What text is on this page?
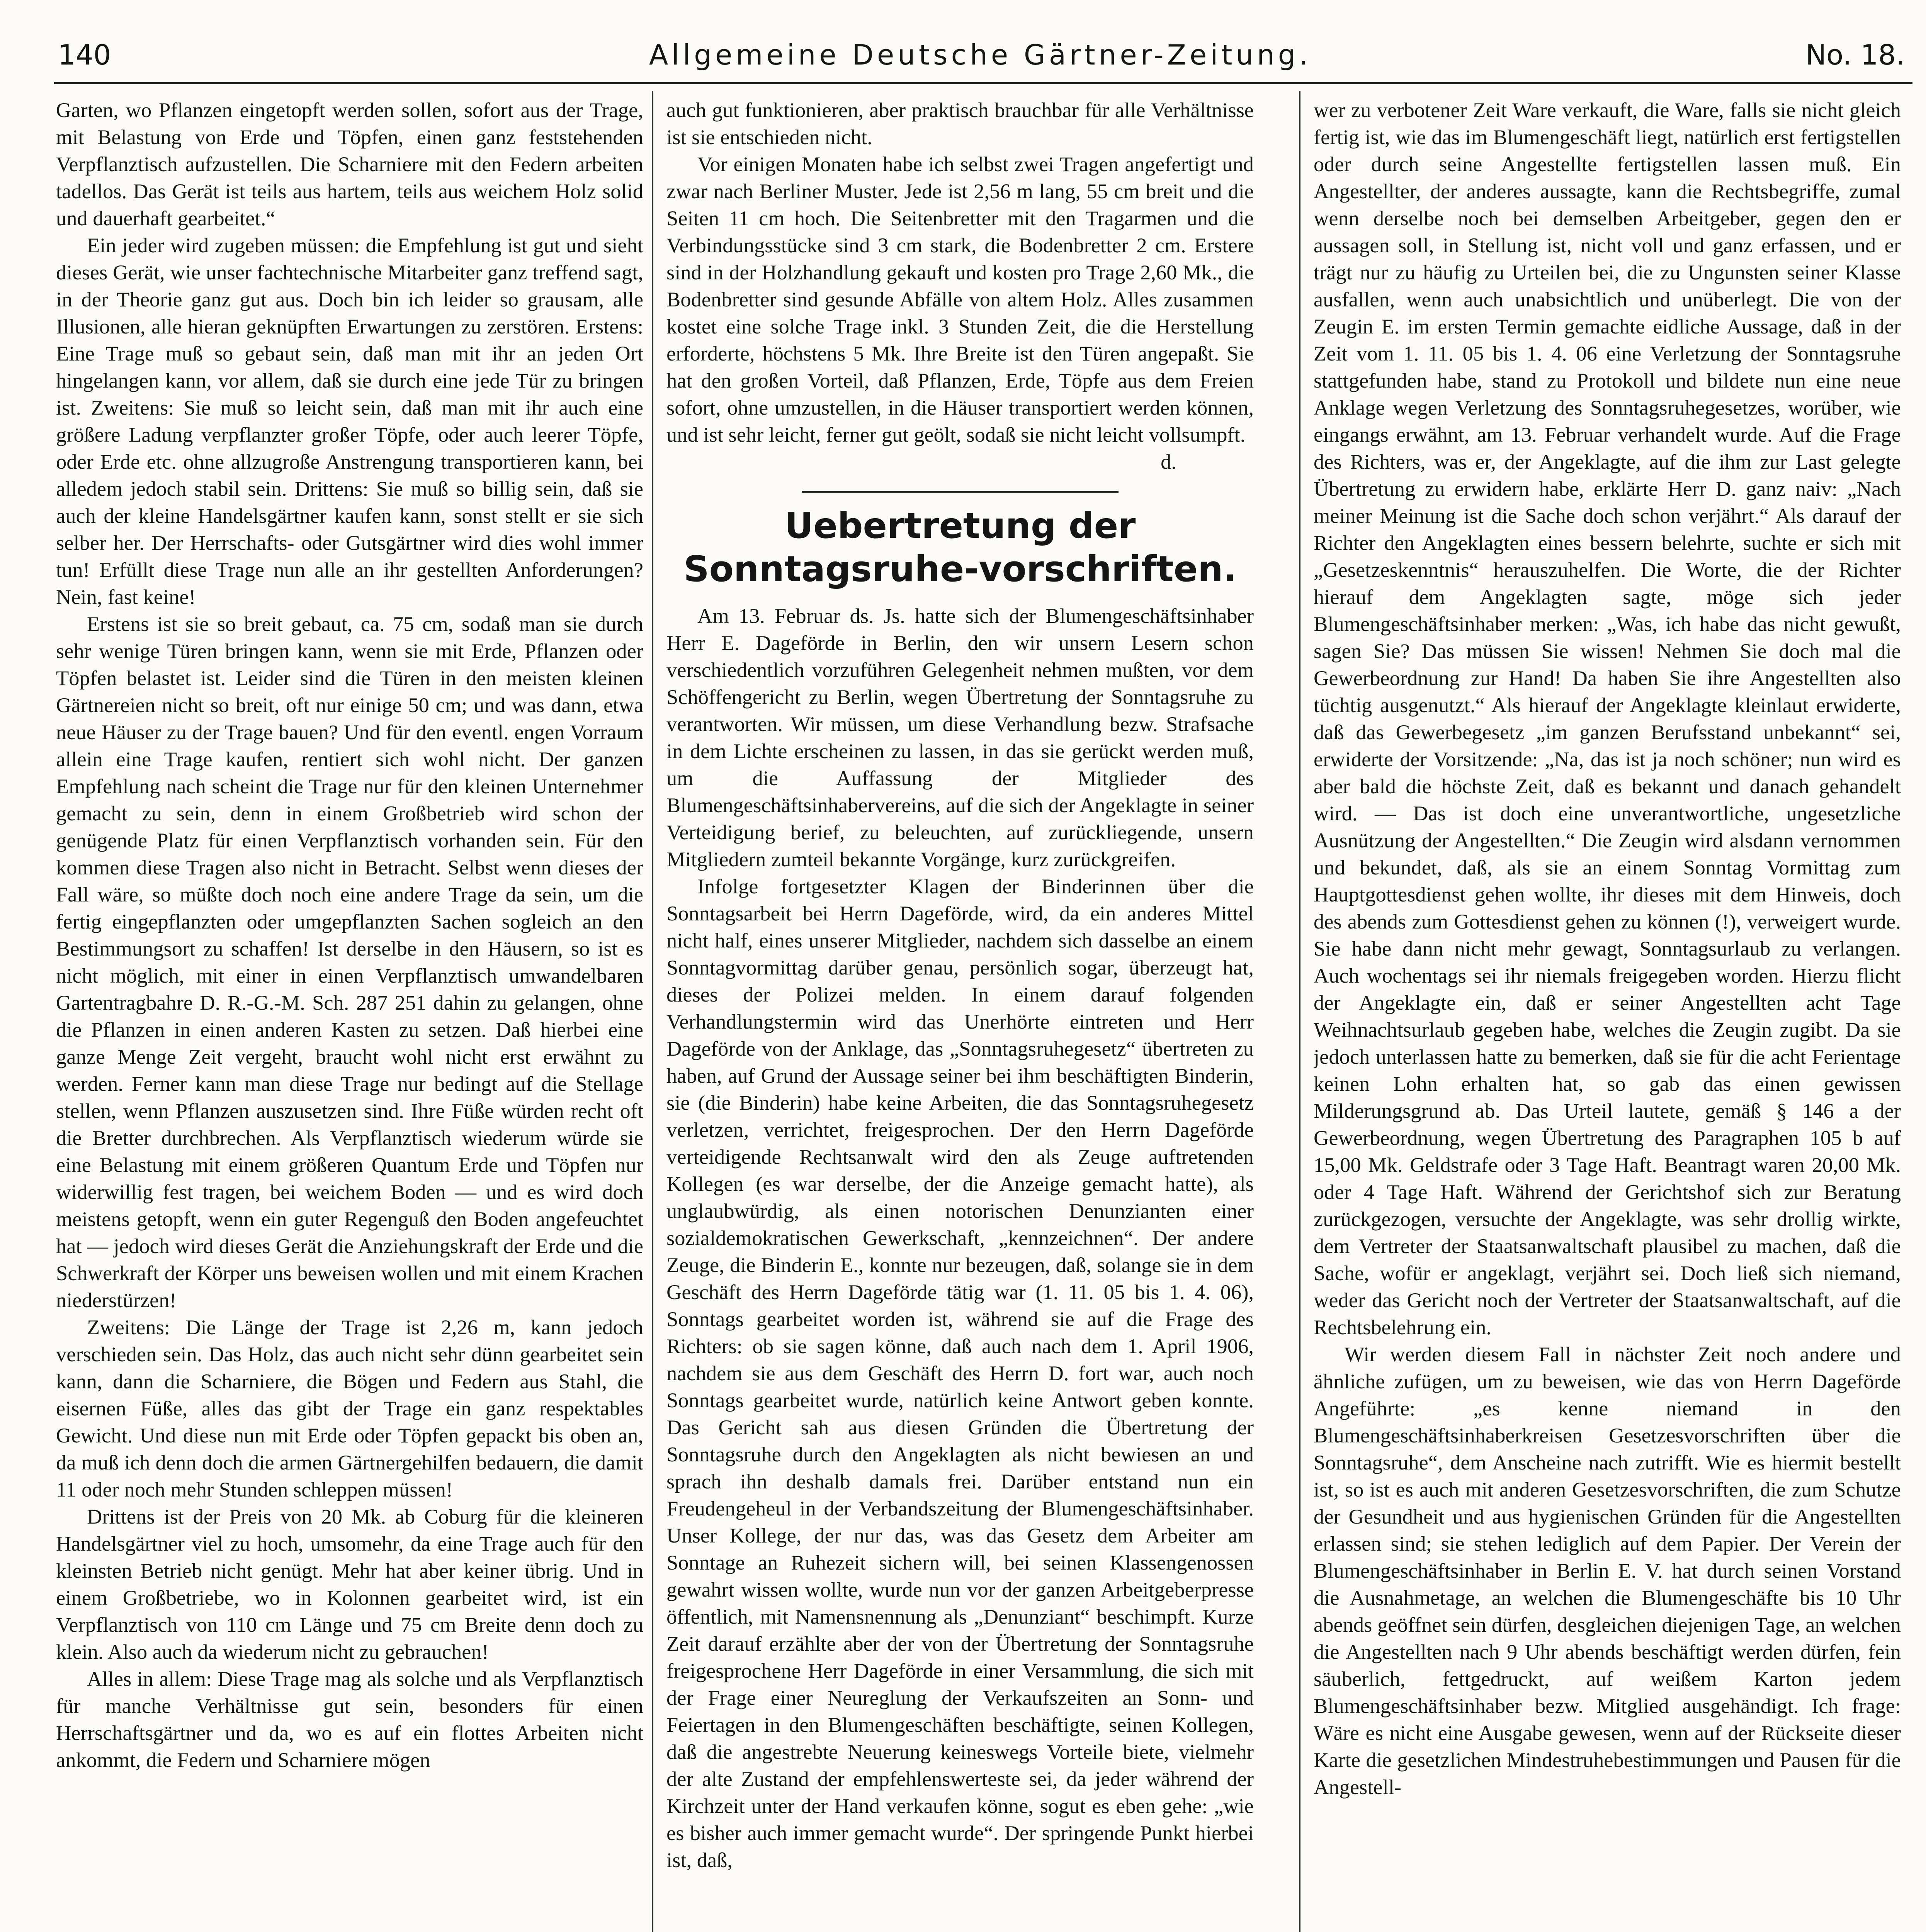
140	Allgemeine Deutsche Gärtner-Zeitung.	No. 18.

Garten, wo Pflanzen eingetopft werden sollen, sofort aus der Trage, mit Belastung von Erde und Töpfen, einen ganz feststehenden Verpflanztisch aufzustellen. Die Scharniere mit den Federn arbeiten tadellos. Das Gerät ist teils aus hartem, teils aus weichem Holz solid und dauerhaft gearbeitet.“

Ein jeder wird zugeben müssen: die Empfehlung ist gut und sieht dieses Gerät, wie unser fachtechnische Mitarbeiter ganz treffend sagt, in der Theorie ganz gut aus. Doch bin ich leider so grausam, alle Illusionen, alle hieran geknüpften Erwartungen zu zerstören. Erstens: Eine Trage muß so gebaut sein, daß man mit ihr an jeden Ort hingelangen kann, vor allem, daß sie durch eine jede Tür zu bringen ist. Zweitens: Sie muß so leicht sein, daß man mit ihr auch eine größere Ladung verpflanzter großer Töpfe, oder auch leerer Töpfe, oder Erde etc. ohne allzugroße Anstrengung transportieren kann, bei alledem jedoch stabil sein. Drittens: Sie muß so billig sein, daß sie auch der kleine Handelsgärtner kaufen kann, sonst stellt er sie sich selber her. Der Herrschafts- oder Gutsgärtner wird dies wohl immer tun! Erfüllt diese Trage nun alle an ihr gestellten Anforderungen? Nein, fast keine!

Erstens ist sie so breit gebaut, ca. 75 cm, sodaß man sie durch sehr wenige Türen bringen kann, wenn sie mit Erde, Pflanzen oder Töpfen belastet ist. Leider sind die Türen in den meisten kleinen Gärtnereien nicht so breit, oft nur einige 50 cm; und was dann, etwa neue Häuser zu der Trage bauen? Und für den eventl. engen Vorraum allein eine Trage kaufen, rentiert sich wohl nicht. Der ganzen Empfehlung nach scheint die Trage nur für den kleinen Unternehmer gemacht zu sein, denn in einem Großbetrieb wird schon der genügende Platz für einen Verpflanztisch vorhanden sein. Für den kommen diese Tragen also nicht in Betracht. Selbst wenn dieses der Fall wäre, so müßte doch noch eine andere Trage da sein, um die fertig eingepflanzten oder umgepflanzten Sachen sogleich an den Bestimmungsort zu schaffen! Ist derselbe in den Häusern, so ist es nicht möglich, mit einer in einen Verpflanztisch umwandelbaren Gartentragbahre D. R.-G.-M. Sch. 287 251 dahin zu gelangen, ohne die Pflanzen in einen anderen Kasten zu setzen. Daß hierbei eine ganze Menge Zeit vergeht, braucht wohl nicht erst erwähnt zu werden. Ferner kann man diese Trage nur bedingt auf die Stellage stellen, wenn Pflanzen auszusetzen sind. Ihre Füße würden recht oft die Bretter durchbrechen. Als Verpflanztisch wiederum würde sie eine Belastung mit einem größeren Quantum Erde und Töpfen nur widerwillig fest tragen, bei weichem Boden — und es wird doch meistens getopft, wenn ein guter Regenguß den Boden angefeuchtet hat — jedoch wird dieses Gerät die Anziehungskraft der Erde und die Schwerkraft der Körper uns beweisen wollen und mit einem Krachen niederstürzen!

Zweitens: Die Länge der Trage ist 2,26 m, kann jedoch verschieden sein. Das Holz, das auch nicht sehr dünn gearbeitet sein kann, dann die Scharniere, die Bögen und Federn aus Stahl, die eisernen Füße, alles das gibt der Trage ein ganz respektables Gewicht. Und diese nun mit Erde oder Töpfen gepackt bis oben an, da muß ich denn doch die armen Gärtnergehilfen bedauern, die damit 11 oder noch mehr Stunden schleppen müssen!

Drittens ist der Preis von 20 Mk. ab Coburg für die kleineren Handelsgärtner viel zu hoch, umsomehr, da eine Trage auch für den kleinsten Betrieb nicht genügt. Mehr hat aber keiner übrig. Und in einem Großbetriebe, wo in Kolonnen gearbeitet wird, ist ein Verpflanztisch von 110 cm Länge und 75 cm Breite denn doch zu klein. Also auch da wiederum nicht zu gebrauchen!

Alles in allem: Diese Trage mag als solche und als Verpflanztisch für manche Verhältnisse gut sein, besonders für einen Herrschaftsgärtner und da, wo es auf ein flottes Arbeiten nicht ankommt, die Federn und Scharniere mögen

auch gut funktionieren, aber praktisch brauchbar für alle Verhältnisse ist sie entschieden nicht.

Vor einigen Monaten habe ich selbst zwei Tragen angefertigt und zwar nach Berliner Muster. Jede ist 2,56 m lang, 55 cm breit und die Seiten 11 cm hoch. Die Seitenbretter mit den Tragarmen und die Verbindungsstücke sind 3 cm stark, die Bodenbretter 2 cm. Erstere sind in der Holzhandlung gekauft und kosten pro Trage 2,60 Mk., die Bodenbretter sind gesunde Abfälle von altem Holz. Alles zusammen kostet eine solche Trage inkl. 3 Stunden Zeit, die die Herstellung erforderte, höchstens 5 Mk. Ihre Breite ist den Türen angepaßt. Sie hat den großen Vorteil, daß Pflanzen, Erde, Töpfe aus dem Freien sofort, ohne umzustellen, in die Häuser transportiert werden können, und ist sehr leicht, ferner gut geölt, sodaß sie nicht leicht vollsumpft.

d.

Uebertretung der Sonntagsruhe-vorschriften.

Am 13. Februar ds. Js. hatte sich der Blumengeschäftsinhaber Herr E. Dageförde in Berlin, den wir unsern Lesern schon verschiedentlich vorzuführen Gelegenheit nehmen mußten, vor dem Schöffengericht zu Berlin, wegen Übertretung der Sonntagsruhe zu verantworten. Wir müssen, um diese Verhandlung bezw. Strafsache in dem Lichte erscheinen zu lassen, in das sie gerückt werden muß, um die Auffassung der Mitglieder des Blumengeschäftsinhabervereins, auf die sich der Angeklagte in seiner Verteidigung berief, zu beleuchten, auf zurückliegende, unsern Mitgliedern zumteil bekannte Vorgänge, kurz zurückgreifen.

Infolge fortgesetzter Klagen der Binderinnen über die Sonntagsarbeit bei Herrn Dageförde, wird, da ein anderes Mittel nicht half, eines unserer Mitglieder, nachdem sich dasselbe an einem Sonntagvormittag darüber genau, persönlich sogar, überzeugt hat, dieses der Polizei melden. In einem darauf folgenden Verhandlungstermin wird das Unerhörte eintreten und Herr Dageförde von der Anklage, das „Sonntagsruhegesetz“ übertreten zu haben, auf Grund der Aussage seiner bei ihm beschäftigten Binderin, sie (die Binderin) habe keine Arbeiten, die das Sonntagsruhegesetz verletzen, verrichtet, freigesprochen. Der den Herrn Dageförde verteidigende Rechtsanwalt wird den als Zeuge auftretenden Kollegen (es war derselbe, der die Anzeige gemacht hatte), als unglaubwürdig, als einen notorischen Denunzianten einer sozialdemokratischen Gewerkschaft, „kennzeichnen“. Der andere Zeuge, die Binderin E., konnte nur bezeugen, daß, solange sie in dem Geschäft des Herrn Dageförde tätig war (1. 11. 05 bis 1. 4. 06), Sonntags gearbeitet worden ist, während sie auf die Frage des Richters: ob sie sagen könne, daß auch nach dem 1. April 1906, nachdem sie aus dem Geschäft des Herrn D. fort war, auch noch Sonntags gearbeitet wurde, natürlich keine Antwort geben konnte. Das Gericht sah aus diesen Gründen die Übertretung der Sonntagsruhe durch den Angeklagten als nicht bewiesen an und sprach ihn deshalb damals frei. Darüber entstand nun ein Freudengeheul in der Verbandszeitung der Blumengeschäftsinhaber. Unser Kollege, der nur das, was das Gesetz dem Arbeiter am Sonntage an Ruhezeit sichern will, bei seinen Klassengenossen gewahrt wissen wollte, wurde nun vor der ganzen Arbeitgeberpresse öffentlich, mit Namensnennung als „Denunziant“ beschimpft. Kurze Zeit darauf erzählte aber der von der Übertretung der Sonntagsruhe freigesprochene Herr Dageförde in einer Versammlung, die sich mit der Frage einer Neureglung der Verkaufszeiten an Sonn- und Feiertagen in den Blumengeschäften beschäftigte, seinen Kollegen, daß die angestrebte Neuerung keineswegs Vorteile biete, vielmehr der alte Zustand der empfehlenswerteste sei, da jeder während der Kirchzeit unter der Hand verkaufen könne, sogut es eben gehe: „wie es bisher auch immer gemacht wurde“. Der springende Punkt hierbei ist, daß,

wer zu verbotener Zeit Ware verkauft, die Ware, falls sie nicht gleich fertig ist, wie das im Blumengeschäft liegt, natürlich erst fertigstellen oder durch seine Angestellte fertigstellen lassen muß. Ein Angestellter, der anderes aussagte, kann die Rechtsbegriffe, zumal wenn derselbe noch bei demselben Arbeitgeber, gegen den er aussagen soll, in Stellung ist, nicht voll und ganz erfassen, und er trägt nur zu häufig zu Urteilen bei, die zu Ungunsten seiner Klasse ausfallen, wenn auch unabsichtlich und unüberlegt. Die von der Zeugin E. im ersten Termin gemachte eidliche Aussage, daß in der Zeit vom 1. 11. 05 bis 1. 4. 06 eine Verletzung der Sonntagsruhe stattgefunden habe, stand zu Protokoll und bildete nun eine neue Anklage wegen Verletzung des Sonntagsruhegesetzes, worüber, wie eingangs erwähnt, am 13. Februar verhandelt wurde. Auf die Frage des Richters, was er, der Angeklagte, auf die ihm zur Last gelegte Übertretung zu erwidern habe, erklärte Herr D. ganz naiv: „Nach meiner Meinung ist die Sache doch schon verjährt.“ Als darauf der Richter den Angeklagten eines bessern belehrte, suchte er sich mit „Gesetzeskenntnis“ herauszuhelfen. Die Worte, die der Richter hierauf dem Angeklagten sagte, möge sich jeder Blumengeschäftsinhaber merken: „Was, ich habe das nicht gewußt, sagen Sie? Das müssen Sie wissen! Nehmen Sie doch mal die Gewerbeordnung zur Hand! Da haben Sie ihre Angestellten also tüchtig ausgenutzt.“ Als hierauf der Angeklagte kleinlaut erwiderte, daß das Gewerbegesetz „im ganzen Berufsstand unbekannt“ sei, erwiderte der Vorsitzende: „Na, das ist ja noch schöner; nun wird es aber bald die höchste Zeit, daß es bekannt und danach gehandelt wird. — Das ist doch eine unverantwortliche, ungesetzliche Ausnützung der Angestellten.“ Die Zeugin wird alsdann vernommen und bekundet, daß, als sie an einem Sonntag Vormittag zum Hauptgottesdienst gehen wollte, ihr dieses mit dem Hinweis, doch des abends zum Gottesdienst gehen zu können (!), verweigert wurde. Sie habe dann nicht mehr gewagt, Sonntagsurlaub zu verlangen. Auch wochentags sei ihr niemals freigegeben worden. Hierzu flicht der Angeklagte ein, daß er seiner Angestellten acht Tage Weihnachtsurlaub gegeben habe, welches die Zeugin zugibt. Da sie jedoch unterlassen hatte zu bemerken, daß sie für die acht Ferientage keinen Lohn erhalten hat, so gab das einen gewissen Milderungsgrund ab. Das Urteil lautete, gemäß § 146 a der Gewerbeordnung, wegen Übertretung des Paragraphen 105 b auf 15,00 Mk. Geldstrafe oder 3 Tage Haft. Beantragt waren 20,00 Mk. oder 4 Tage Haft. Während der Gerichtshof sich zur Beratung zurückgezogen, versuchte der Angeklagte, was sehr drollig wirkte, dem Vertreter der Staatsanwaltschaft plausibel zu machen, daß die Sache, wofür er angeklagt, verjährt sei. Doch ließ sich niemand, weder das Gericht noch der Vertreter der Staatsanwaltschaft, auf die Rechtsbelehrung ein.

Wir werden diesem Fall in nächster Zeit noch andere und ähnliche zufügen, um zu beweisen, wie das von Herrn Dageförde Angeführte: „es kenne niemand in den Blumengeschäftsinhaberkreisen Gesetzesvorschriften über die Sonntagsruhe“, dem Anscheine nach zutrifft. Wie es hiermit bestellt ist, so ist es auch mit anderen Gesetzesvorschriften, die zum Schutze der Gesundheit und aus hygienischen Gründen für die Angestellten erlassen sind; sie stehen lediglich auf dem Papier. Der Verein der Blumengeschäftsinhaber in Berlin E. V. hat durch seinen Vorstand die Ausnahmetage, an welchen die Blumengeschäfte bis 10 Uhr abends geöffnet sein dürfen, desgleichen diejenigen Tage, an welchen die Angestellten nach 9 Uhr abends beschäftigt werden dürfen, fein säuberlich, fettgedruckt, auf weißem Karton jedem Blumengeschäftsinhaber bezw. Mitglied ausgehändigt. Ich frage: Wäre es nicht eine Ausgabe gewesen, wenn auf der Rückseite dieser Karte die gesetzlichen Mindestruhebestimmungen und Pausen für die Angestell-
